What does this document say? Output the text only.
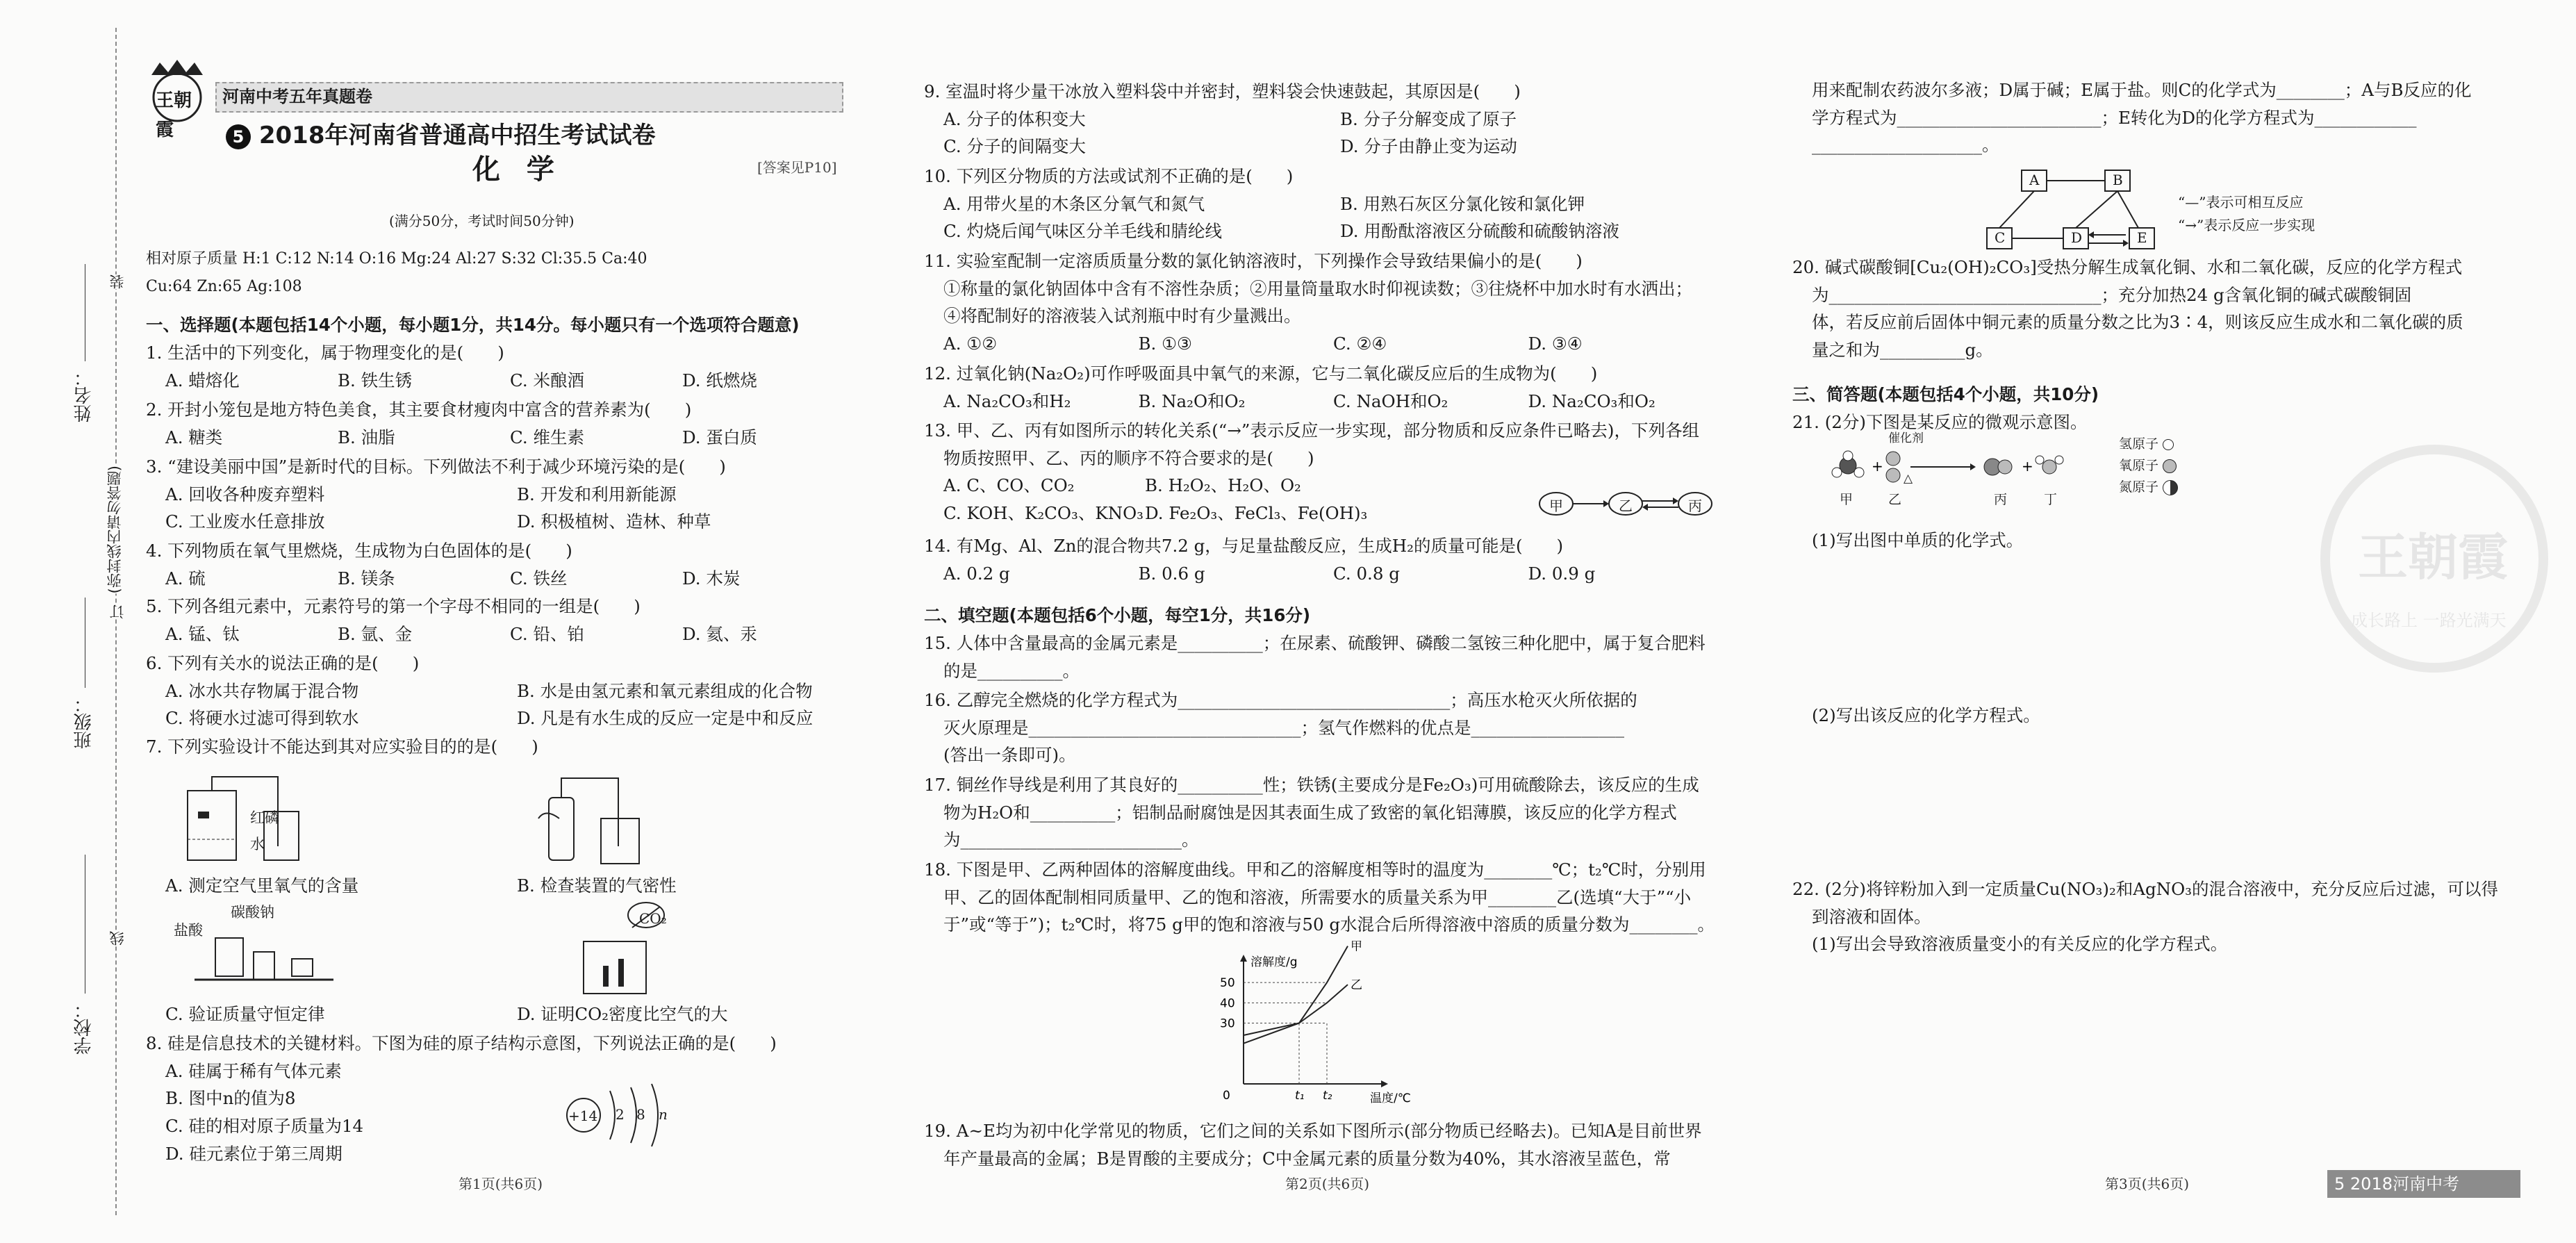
姓名：
班级：
学校：
装
订
线
(弥封线内请勿答题)
王朝霞
河南中考五年真题卷
5 2018年河南省普通高中招生考试试卷
化 学	[答案见P10]
(满分50分，考试时间50分钟)
相对原子质量 H:1 C:12 N:14 O:16 Mg:24 Al:27 S:32 Cl:35.5 Ca:40
Cu:64 Zn:65 Ag:108
一、选择题(本题包括14个小题，每小题1分，共14分。每小题只有一个选项符合题意)

1. 生活中的下列变化，属于物理变化的是(　　)

A. 蜡熔化	B. 铁生锈	C. 米酿酒	D. 纸燃烧

2. 开封小笼包是地方特色美食，其主要食材瘦肉中富含的营养素为(　　)

A. 糖类	B. 油脂	C. 维生素	D. 蛋白质

3. “建设美丽中国”是新时代的目标。下列做法不利于减少环境污染的是(　　)

A. 回收各种废弃塑料	B. 开发和利用新能源
C. 工业废水任意排放	D. 积极植树、造林、种草

4. 下列物质在氧气里燃烧，生成物为白色固体的是(　　)

A. 硫	B. 镁条	C. 铁丝	D. 木炭

5. 下列各组元素中，元素符号的第一个字母不相同的一组是(　　)

A. 锰、钛	B. 氩、金	C. 铅、铂	D. 氦、汞

6. 下列有关水的说法正确的是(　　)

A. 冰水共存物属于混合物	B. 水是由氢元素和氧元素组成的化合物
C. 将硬水过滤可得到软水	D. 凡是有水生成的反应一定是中和反应

7. 下列实验设计不能达到其对应实验目的的是(　　)

红磷
水
A. 测定空气里氧气的含量	B. 检查装置的气密性
盐酸
碳酸钠	CO₂
C. 验证质量守恒定律	D. 证明CO₂密度比空气的大

8. 硅是信息技术的关键材料。下图为硅的原子结构示意图，下列说法正确的是(　　)

A. 硅属于稀有气体元素

B. 图中n的值为8

C. 硅的相对原子质量为14

D. 硅元素位于第三周期

+14 2 8 n
第1页(共6页)

9. 室温时将少量干冰放入塑料袋中并密封，塑料袋会快速鼓起，其原因是(　　)

A. 分子的体积变大	B. 分子分解变成了原子
C. 分子的间隔变大	D. 分子由静止变为运动

10. 下列区分物质的方法或试剂不正确的是(　　)

A. 用带火星的木条区分氧气和氮气	B. 用熟石灰区分氯化铵和氯化钾
C. 灼烧后闻气味区分羊毛线和腈纶线	D. 用酚酞溶液区分硫酸和硫酸钠溶液

11. 实验室配制一定溶质质量分数的氯化钠溶液时，下列操作会导致结果偏小的是(　　)

①称量的氯化钠固体中含有不溶性杂质；②用量筒量取水时仰视读数；③往烧杯中加水时有水洒出；

④将配制好的溶液装入试剂瓶中时有少量溅出。

A. ①②	B. ①③	C. ②④	D. ③④

12. 过氧化钠(Na₂O₂)可作呼吸面具中氧气的来源，它与二氧化碳反应后的生成物为(　　)

A. Na₂CO₃和H₂	B. Na₂O和O₂	C. NaOH和O₂	D. Na₂CO₃和O₂

13. 甲、乙、丙有如图所示的转化关系(“→”表示反应一步实现，部分物质和反应条件已略去)，下列各组

物质按照甲、乙、丙的顺序不符合要求的是(　　)

A. C、CO、CO₂	B. H₂O₂、H₂O、O₂
C. KOH、K₂CO₃、KNO₃ D. Fe₂O₃、FeCl₃、Fe(OH)₃	甲	乙	丙

14. 有Mg、Al、Zn的混合物共7.2 g，与足量盐酸反应，生成H₂的质量可能是(　　)

A. 0.2 g	B. 0.6 g	C. 0.8 g	D. 0.9 g
二、填空题(本题包括6个小题，每空1分，共16分)

15. 人体中含量最高的金属元素是__________；在尿素、硫酸钾、磷酸二氢铵三种化肥中，属于复合肥料

的是__________。

16. 乙醇完全燃烧的化学方程式为________________________________；高压水枪灭火所依据的

灭火原理是________________________________；氢气作燃料的优点是__________________

(答出一条即可)。

17. 铜丝作导线是利用了其良好的__________性；铁锈(主要成分是Fe₂O₃)可用硫酸除去，该反应的生成

物为H₂O和__________；铝制品耐腐蚀是因其表面生成了致密的氧化铝薄膜，该反应的化学方程式

为__________________________。

18. 下图是甲、乙两种固体的溶解度曲线。甲和乙的溶解度相等时的温度为________℃；t₂℃时，分别用

甲、乙的固体配制相同质量甲、乙的饱和溶液，所需要水的质量关系为甲________乙(选填“大于”“小

于”或“等于”)；t₂℃时，将75 g甲的饱和溶液与50 g水混合后所得溶液中溶质的质量分数为________。

甲
乙
30
40
50
0	t₁ t₂
溶解度/g
温度/℃

19. A~E均为初中化学常见的物质，它们之间的关系如下图所示(部分物质已经略去)。已知A是目前世界

年产量最高的金属；B是胃酸的主要成分；C中金属元素的质量分数为40%，其水溶液呈蓝色，常

第2页(共6页)

用来配制农药波尔多液；D属于碱；E属于盐。则C的化学式为________；A与B反应的化

学方程式为________________________；E转化为D的化学方程式为____________

____________________。

A	B
C	D	E
“—”表示可相互反应
“→”表示反应一步实现

20. 碱式碳酸铜[Cu₂(OH)₂CO₃]受热分解生成氧化铜、水和二氧化碳，反应的化学方程式

为________________________________；充分加热24 g含氧化铜的碱式碳酸铜固

体，若反应前后固体中铜元素的质量分数之比为3∶4，则该反应生成水和二氧化碳的质

量之和为__________g。

三、简答题(本题包括4个小题，共10分)

21. (2分)下图是某反应的微观示意图。

+	+
催化剂
△
甲	乙	丙	丁
氢原子
氧原子
氮原子

(1)写出图中单质的化学式。

(2)写出该反应的化学方程式。

22. (2分)将锌粉加入到一定质量Cu(NO₃)₂和AgNO₃的混合溶液中，充分反应后过滤，可以得

到溶液和固体。

(1)写出会导致溶液质量变小的有关反应的化学方程式。

王朝霞
成长路上 一路光满天
第3页(共6页)	5 2018河南中考
